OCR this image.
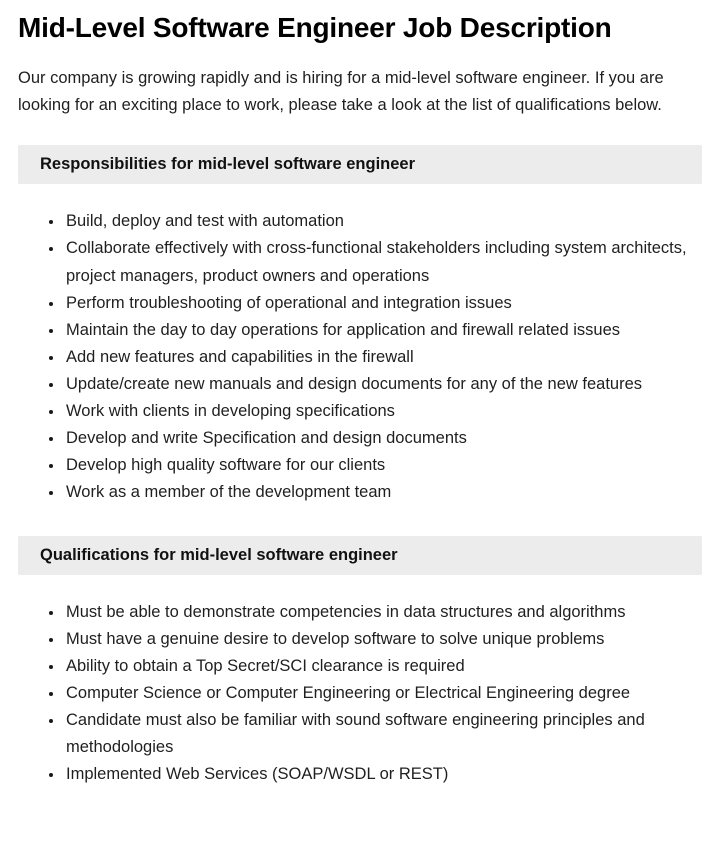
Mid-Level Software Engineer Job Description

Our company is growing rapidly and is hiring for a mid-level software engineer. If you are looking for an exciting place to work, please take a look at the list of qualifications below.

Responsibilities for mid-level software engineer
• Build, deploy and test with automation
• Collaborate effectively with cross-functional stakeholders including system architects, project managers, product owners and operations
• Perform troubleshooting of operational and integration issues
• Maintain the day to day operations for application and firewall related issues
• Add new features and capabilities in the firewall
• Update/create new manuals and design documents for any of the new features
• Work with clients in developing specifications
• Develop and write Specification and design documents
• Develop high quality software for our clients
• Work as a member of the development team
Qualifications for mid-level software engineer
• Must be able to demonstrate competencies in data structures and algorithms
• Must have a genuine desire to develop software to solve unique problems
• Ability to obtain a Top Secret/SCI clearance is required
• Computer Science or Computer Engineering or Electrical Engineering degree
• Candidate must also be familiar with sound software engineering principles and methodologies
• Implemented Web Services (SOAP/WSDL or REST)
